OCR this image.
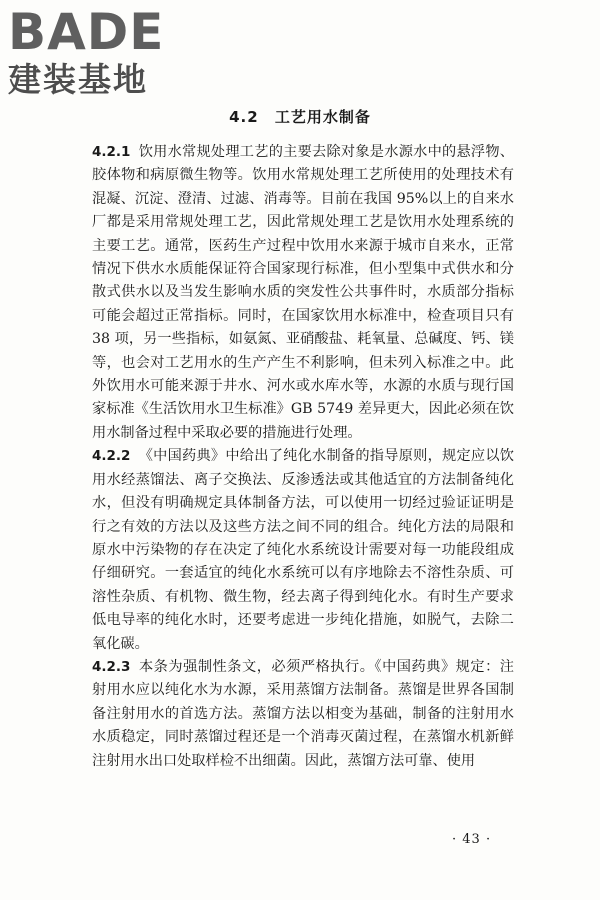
BADE
建装基地
4.2 工艺用水制备

4.2.1 饮用水常规处理工艺的主要去除对象是水源水中的悬浮物、胶体物和病原微生物等。饮用水常规处理工艺所使用的处理技术有混凝、沉淀、澄清、过滤、消毒等。目前在我国 95%以上的自来水厂都是采用常规处理工艺，因此常规处理工艺是饮用水处理系统的主要工艺。通常，医药生产过程中饮用水来源于城市自来水，正常情况下供水水质能保证符合国家现行标准，但小型集中式供水和分散式供水以及当发生影响水质的突发性公共事件时，水质部分指标可能会超过正常指标。同时，在国家饮用水标准中，检查项目只有 38 项，另一些指标，如氨氮、亚硝酸盐、耗氧量、总碱度、钙、镁等，也会对工艺用水的生产产生不利影响，但未列入标准之中。此外饮用水可能来源于井水、河水或水库水等，水源的水质与现行国家标准《生活饮用水卫生标准》GB 5749 差异更大，因此必须在饮用水制备过程中采取必要的措施进行处理。

4.2.2 《中国药典》中给出了纯化水制备的指导原则，规定应以饮用水经蒸馏法、离子交换法、反渗透法或其他适宜的方法制备纯化水，但没有明确规定具体制备方法，可以使用一切经过验证证明是行之有效的方法以及这些方法之间不同的组合。纯化方法的局限和原水中污染物的存在决定了纯化水系统设计需要对每一功能段组成仔细研究。一套适宜的纯化水系统可以有序地除去不溶性杂质、可溶性杂质、有机物、微生物，经去离子得到纯化水。有时生产要求低电导率的纯化水时，还要考虑进一步纯化措施，如脱气，去除二氧化碳。

4.2.3 本条为强制性条文，必须严格执行。《中国药典》规定：注射用水应以纯化水为水源，采用蒸馏方法制备。蒸馏是世界各国制备注射用水的首选方法。蒸馏方法以相变为基础，制备的注射用水水质稳定，同时蒸馏过程还是一个消毒灭菌过程，在蒸馏水机新鲜注射用水出口处取样检不出细菌。因此，蒸馏方法可靠、使用

· 43 ·
